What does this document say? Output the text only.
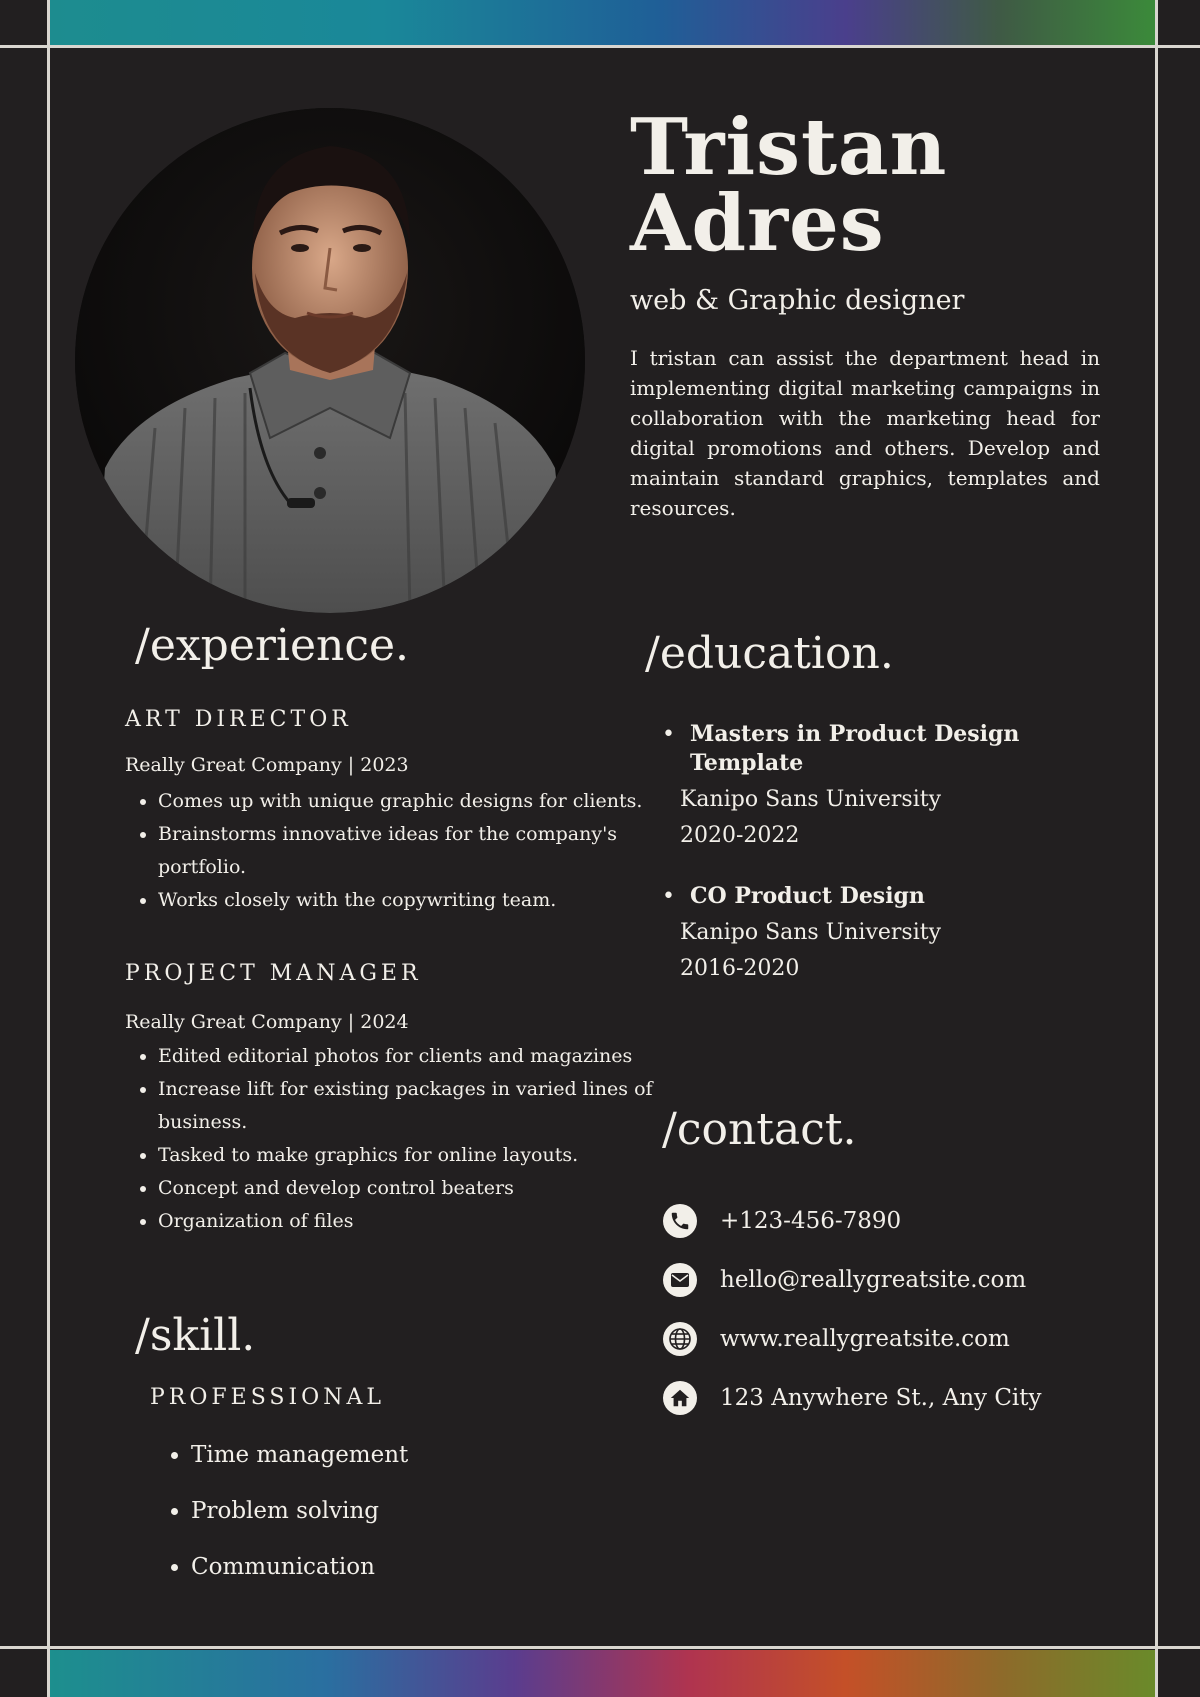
Tristan
Adres

web & Graphic designer

I tristan can assist the department head in implementing digital marketing campaigns in collaboration with the marketing head for digital promotions and others. Develop and maintain standard graphics, templates and resources.

/experience.
ART DIRECTOR

Really Great Company | 2023

• Comes up with unique graphic designs for clients.
• Brainstorms innovative ideas for the company's portfolio.
• Works closely with the copywriting team.
PROJECT MANAGER

Really Great Company | 2024

• Edited editorial photos for clients and magazines
• Increase lift for existing packages in varied lines of business.
• Tasked to make graphics for online layouts.
• Concept and develop control beaters
• Organization of files
/skill.
PROFESSIONAL
• Time management
• Problem solving
• Communication
/education.
• Masters in Product Design Template
Kanipo Sans University
2020-2022
• CO Product Design
Kanipo Sans University
2016-2020
/contact.
+123-456-7890
hello@reallygreatsite.com
www.reallygreatsite.com
123 Anywhere St., Any City
